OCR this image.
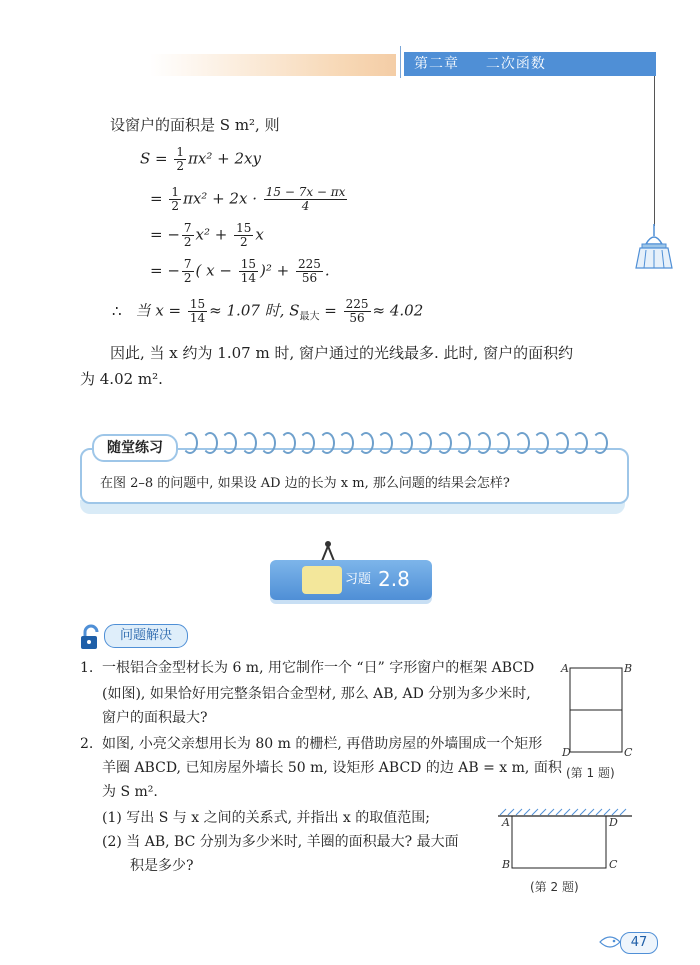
第二章 二次函数
设窗户的面积是 S m², 则
$S = \frac{1}{2} \pi x^2 + 2xy$
= $\frac{1}{2} \pi x^2 + 2x \cdot \frac{15 - 7x - \pi x}{4}$
= − $\frac{7}{2} x^2 + \frac{15}{2}$ x
= − $\frac{7}{2}$ ( $x - \frac{15}{14} )^2 + \frac{225}{56}$ .
∴ 当 $x = \frac{15}{14} \approx 1.07$ 时, $S_{最大} = \frac{225}{56} \approx 4.02$
因此, 当 x 约为 1.07 m 时, 窗户通过的光线最多. 此时, 窗户的面积约
为 4.02 m².
随堂练习
在图 2–8 的问题中, 如果设 AD 边的长为 x m, 那么问题的结果会怎样?
习题 2.8
问题解决
1. 一根铝合金型材长为 6 m, 用它制作一个 “日” 字形窗户的框架 ABCD
(如图), 如果恰好用完整条铝合金型材, 那么 AB, AD 分别为多少米时,
窗户的面积最大?
2. 如图, 小亮父亲想用长为 80 m 的栅栏, 再借助房屋的外墙围成一个矩形
羊圈 ABCD, 已知房屋外墙长 50 m, 设矩形 ABCD 的边 AB = x m, 面积
为 S m².
(1) 写出 S 与 x 之间的关系式, 并指出 x 的取值范围;
(2) 当 AB, BC 分别为多少米时, 羊圈的面积最大? 最大面
积是多少?
A	B
D	C
(第 1 题)
A	D
B	C
(第 2 题)
47
